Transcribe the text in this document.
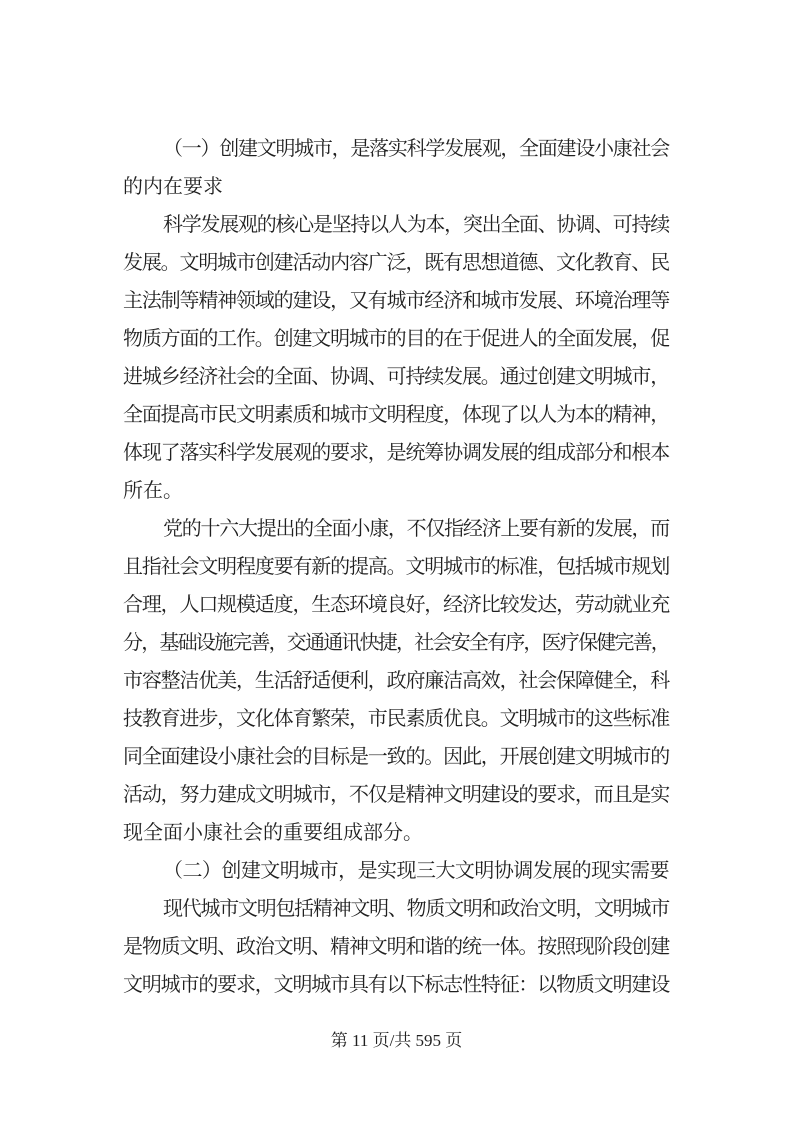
（一）创建文明城市，是落实科学发展观，全面建设小康社会
的内在要求
科学发展观的核心是坚持以人为本，突出全面、协调、可持续
发展。文明城市创建活动内容广泛，既有思想道德、文化教育、民
主法制等精神领域的建设，又有城市经济和城市发展、环境治理等
物质方面的工作。创建文明城市的目的在于促进人的全面发展，促
进城乡经济社会的全面、协调、可持续发展。通过创建文明城市，
全面提高市民文明素质和城市文明程度，体现了以人为本的精神，
体现了落实科学发展观的要求，是统筹协调发展的组成部分和根本
所在。
党的十六大提出的全面小康，不仅指经济上要有新的发展，而
且指社会文明程度要有新的提高。文明城市的标准，包括城市规划
合理，人口规模适度，生态环境良好，经济比较发达，劳动就业充
分，基础设施完善，交通通讯快捷，社会安全有序，医疗保健完善，
市容整洁优美，生活舒适便利，政府廉洁高效，社会保障健全，科
技教育进步，文化体育繁荣，市民素质优良。文明城市的这些标准
同全面建设小康社会的目标是一致的。因此，开展创建文明城市的
活动，努力建成文明城市，不仅是精神文明建设的要求，而且是实
现全面小康社会的重要组成部分。
（二）创建文明城市，是实现三大文明协调发展的现实需要
现代城市文明包括精神文明、物质文明和政治文明，文明城市
是物质文明、政治文明、精神文明和谐的统一体。按照现阶段创建
文明城市的要求，文明城市具有以下标志性特征：以物质文明建设
第 11 页/共 595 页
